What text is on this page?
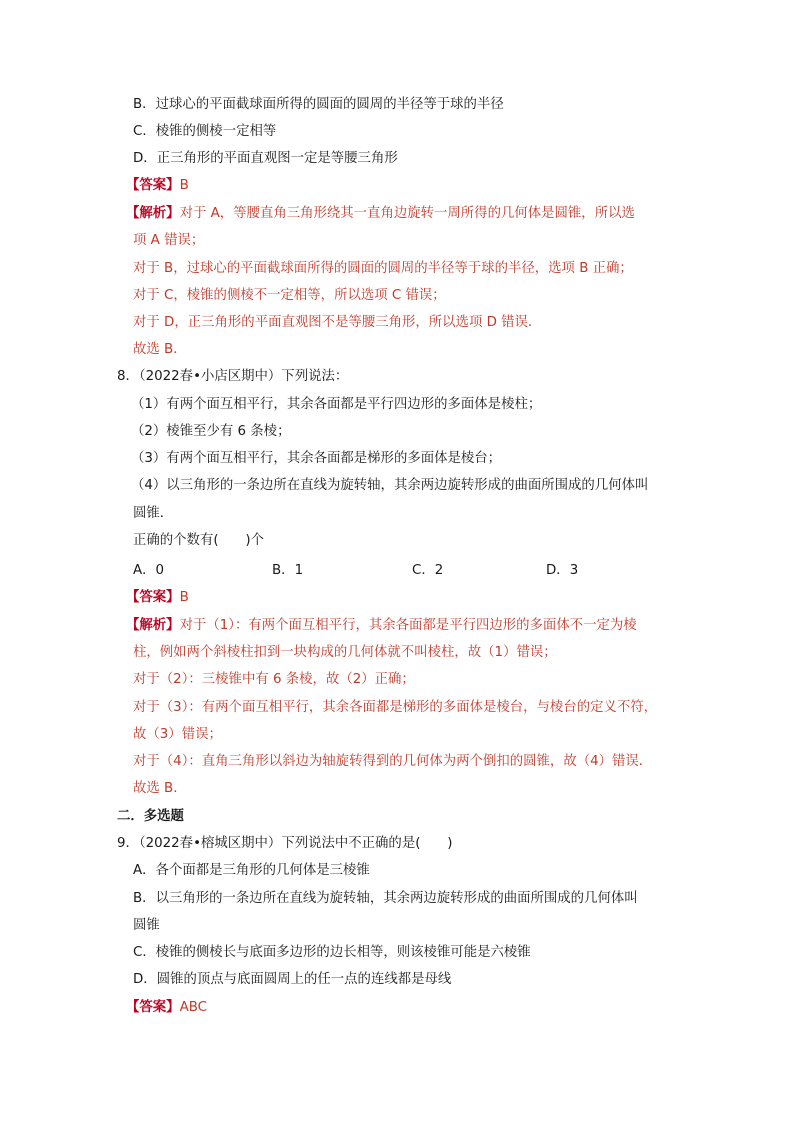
B．过球心的平面截球面所得的圆面的圆周的半径等于球的半径
C．棱锥的侧棱一定相等
D．正三角形的平面直观图一定是等腰三角形
【答案】B
【解析】对于 A，等腰直角三角形绕其一直角边旋转一周所得的几何体是圆锥，所以选
项 A 错误；
对于 B，过球心的平面截球面所得的圆面的圆周的半径等于球的半径，选项 B 正确；
对于 C，棱锥的侧棱不一定相等，所以选项 C 错误；
对于 D，正三角形的平面直观图不是等腰三角形，所以选项 D 错误．
故选 B．
8．（2022春•小店区期中）下列说法：
（1）有两个面互相平行，其余各面都是平行四边形的多面体是棱柱；
（2）棱锥至少有 6 条棱；
（3）有两个面互相平行，其余各面都是梯形的多面体是棱台；
（4）以三角形的一条边所在直线为旋转轴，其余两边旋转形成的曲面所围成的几何体叫
圆锥．
正确的个数有(　　)个
A．0	B．1	C．2	D．3
【答案】B
【解析】对于（1）：有两个面互相平行，其余各面都是平行四边形的多面体不一定为棱
柱，例如两个斜棱柱扣到一块构成的几何体就不叫棱柱，故（1）错误；
对于（2）：三棱锥中有 6 条棱，故（2）正确；
对于（3）：有两个面互相平行，其余各面都是梯形的多面体是棱台，与棱台的定义不符，
故（3）错误；
对于（4）：直角三角形以斜边为轴旋转得到的几何体为两个倒扣的圆锥，故（4）错误．
故选 B．
二．多选题
9．（2022春•榕城区期中）下列说法中不正确的是(　　)
A．各个面都是三角形的几何体是三棱锥
B．以三角形的一条边所在直线为旋转轴，其余两边旋转形成的曲面所围成的几何体叫
圆锥
C．棱锥的侧棱长与底面多边形的边长相等，则该棱锥可能是六棱锥
D．圆锥的顶点与底面圆周上的任一点的连线都是母线
【答案】ABC
